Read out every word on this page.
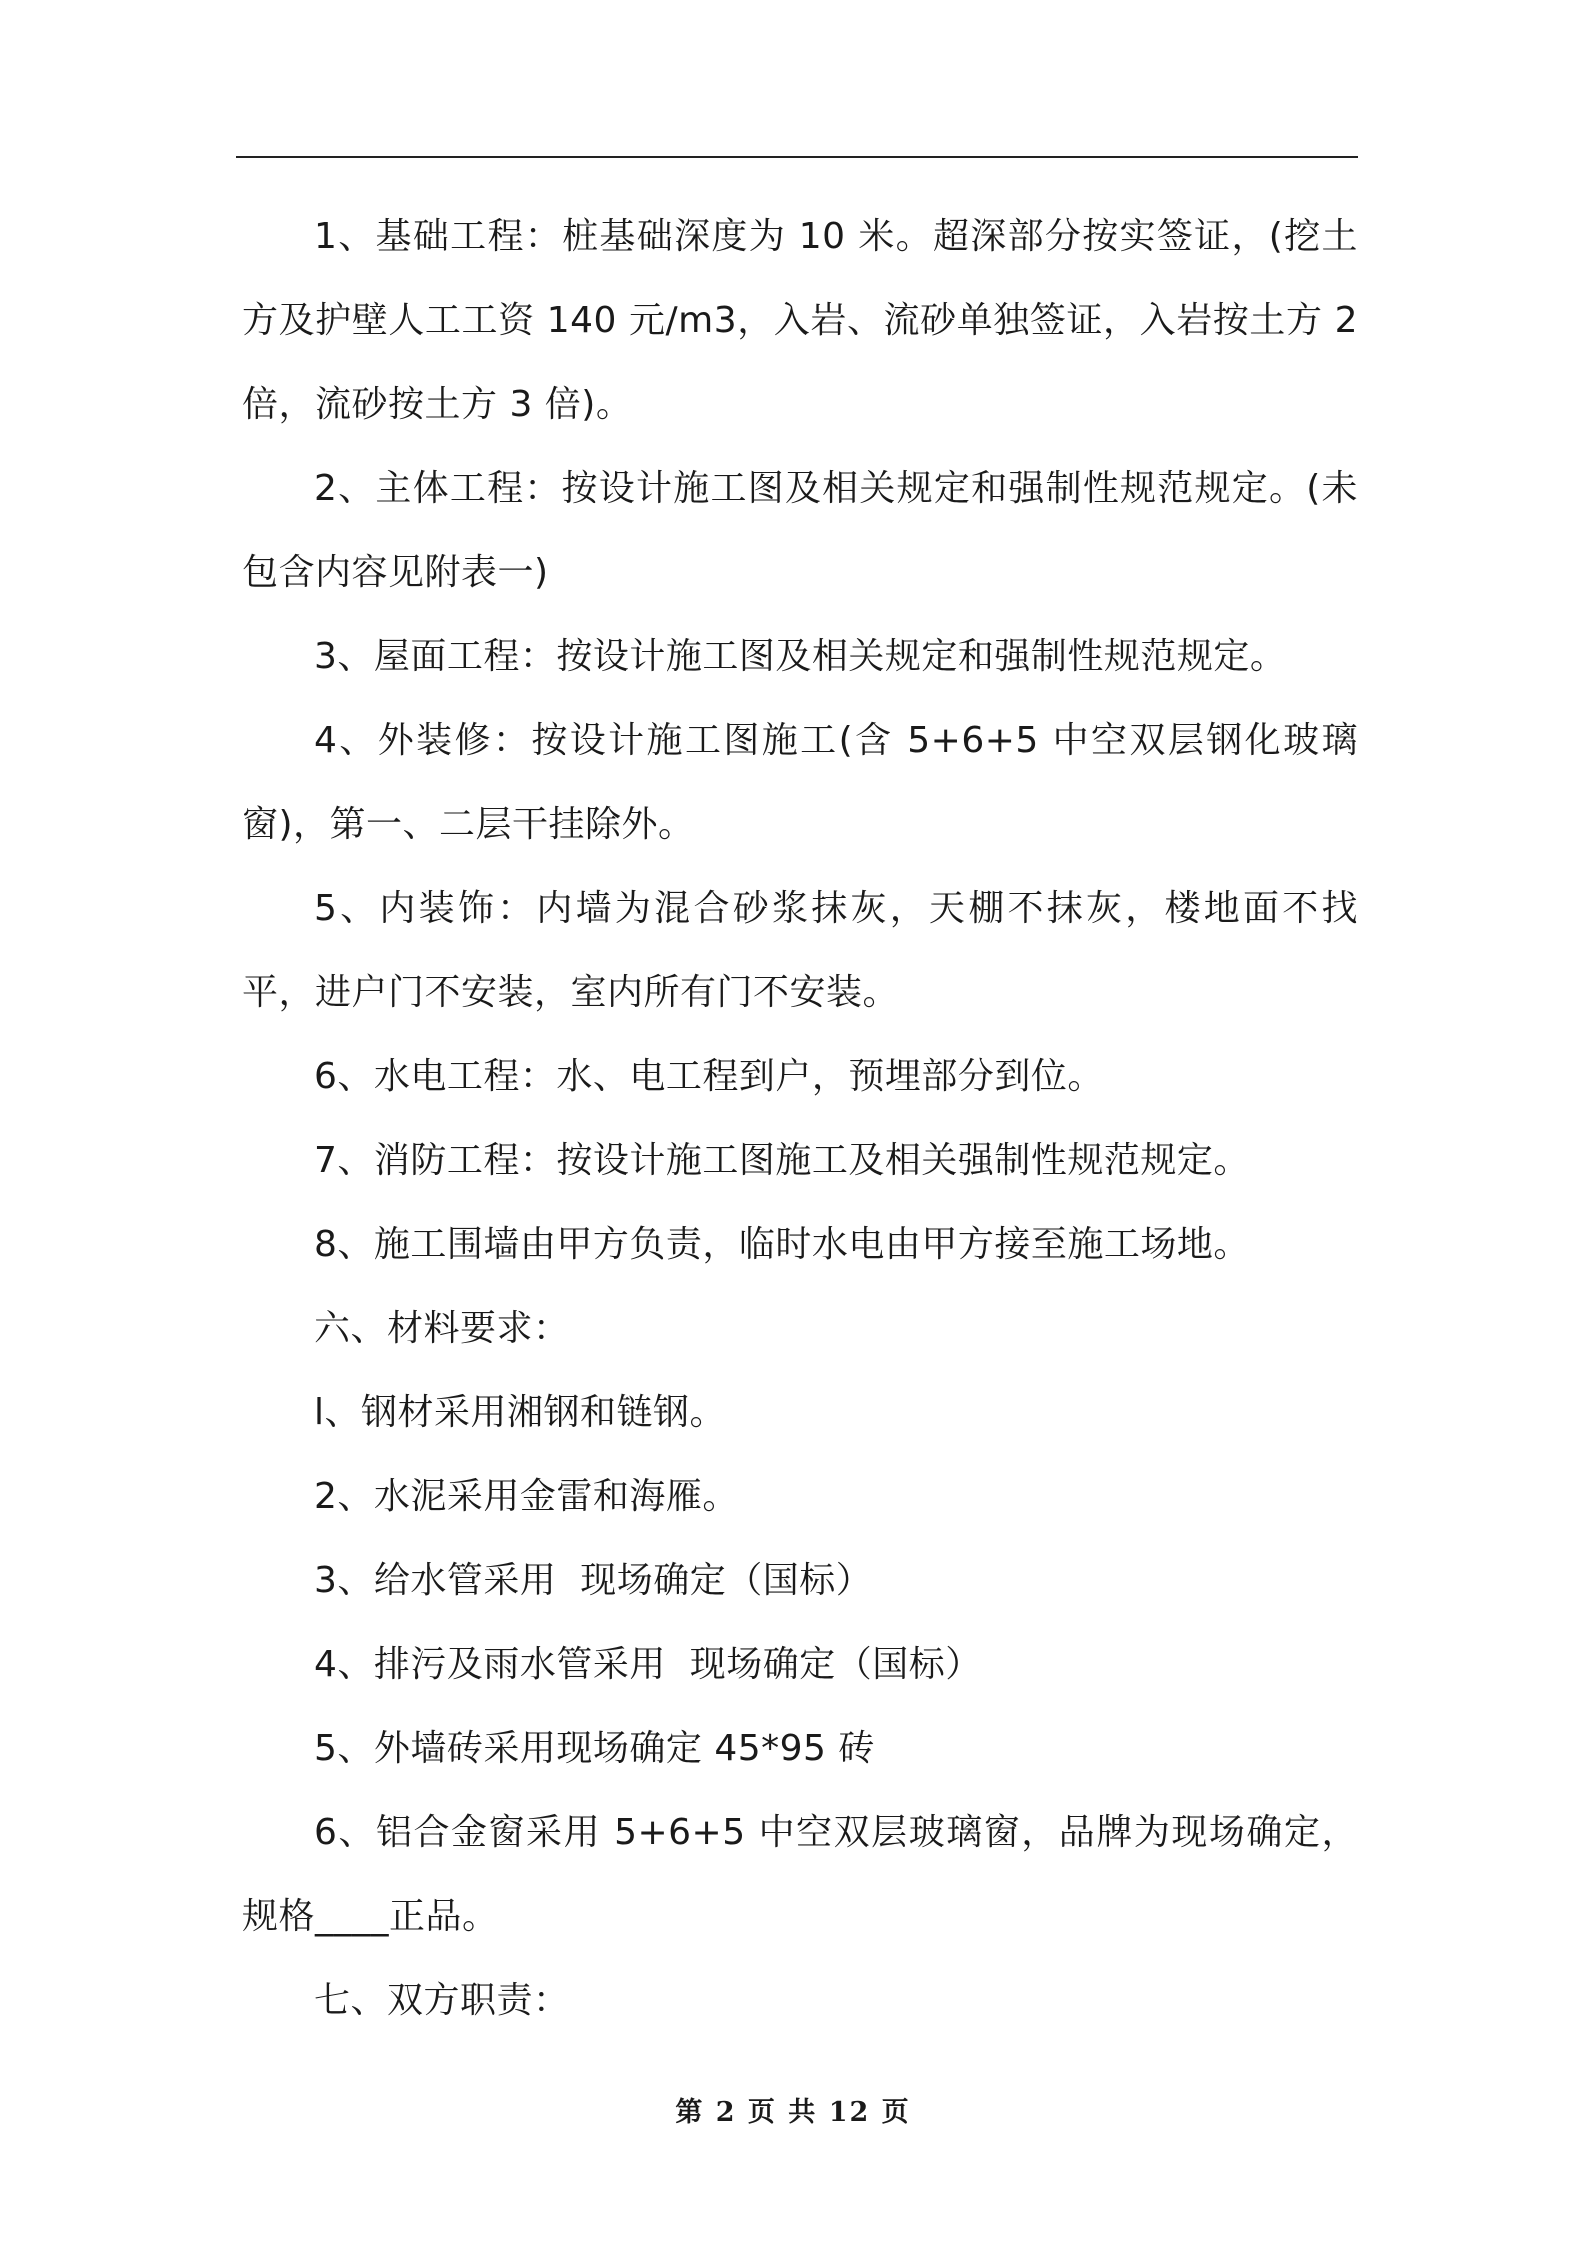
1、基础工程：桩基础深度为 10 米。超深部分按实签证，(挖土方及护壁人工工资 140 元/m3，入岩、流砂单独签证，入岩按土方 2 倍，流砂按土方 3 倍)。

2、主体工程：按设计施工图及相关规定和强制性规范规定。(未包含内容见附表一)

3、屋面工程：按设计施工图及相关规定和强制性规范规定。

4、外装修：按设计施工图施工(含 5+6+5 中空双层钢化玻璃窗)，第一、二层干挂除外。

5、内装饰：内墙为混合砂浆抹灰，天棚不抹灰，楼地面不找平，进户门不安装，室内所有门不安装。

6、水电工程：水、电工程到户，预埋部分到位。

7、消防工程：按设计施工图施工及相关强制性规范规定。

8、施工围墙由甲方负责，临时水电由甲方接至施工场地。

六、材料要求：

l、钢材采用湘钢和链钢。

2、水泥采用金雷和海雁。

3、给水管采用  现场确定（国标）

4、排污及雨水管采用  现场确定（国标）

5、外墙砖采用现场确定 45*95 砖

6、铝合金窗采用 5+6+5 中空双层玻璃窗，品牌为现场确定，规格____正品。

七、双方职责：

第 2 页 共 12 页
